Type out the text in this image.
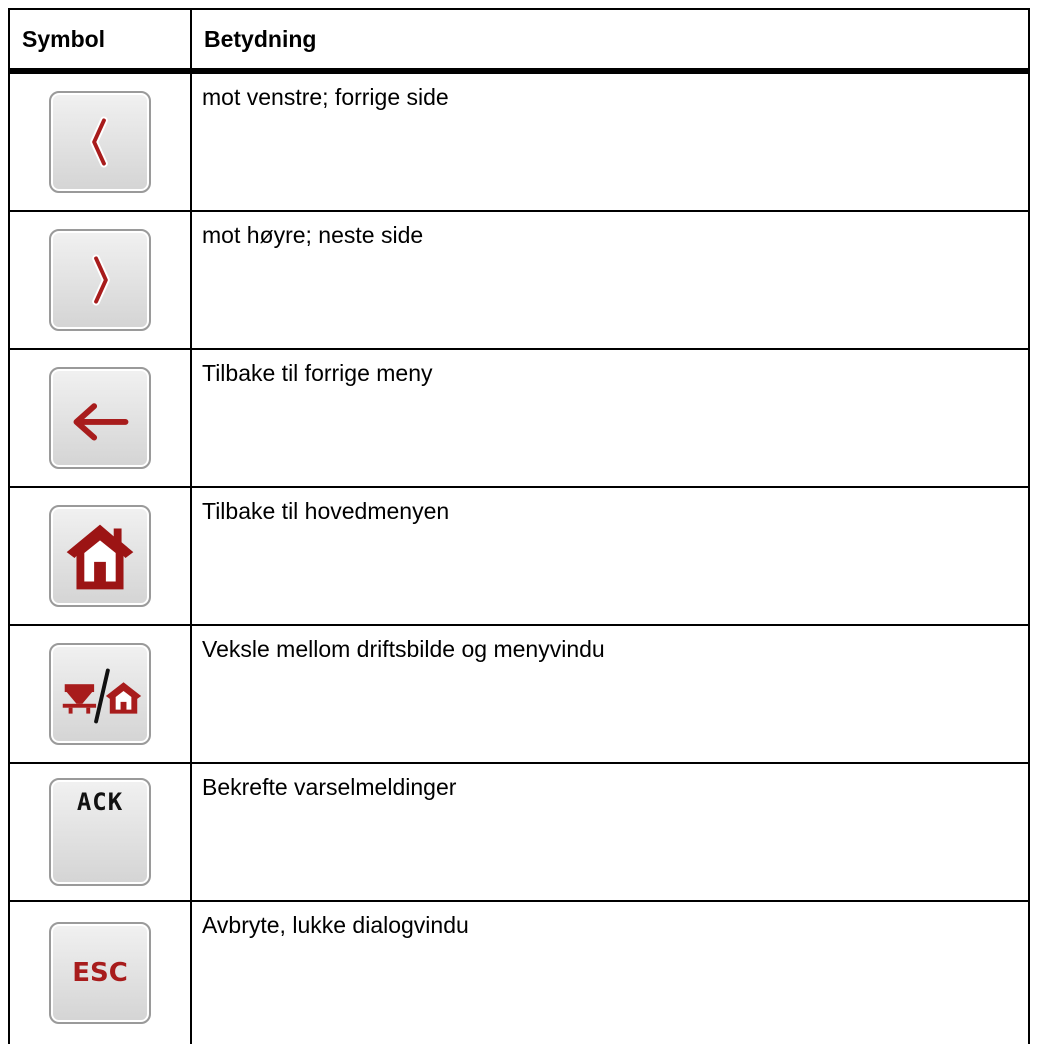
Symbol	Betydning

	mot venstre; forrige side

	mot høyre; neste side

	Tilbake til forrige meny

	Tilbake til hovedmenyen

	Veksle mellom driftsbilde og menyvindu

ACK	Bekrefte varselmeldinger

ESC	Avbryte, lukke dialogvindu
